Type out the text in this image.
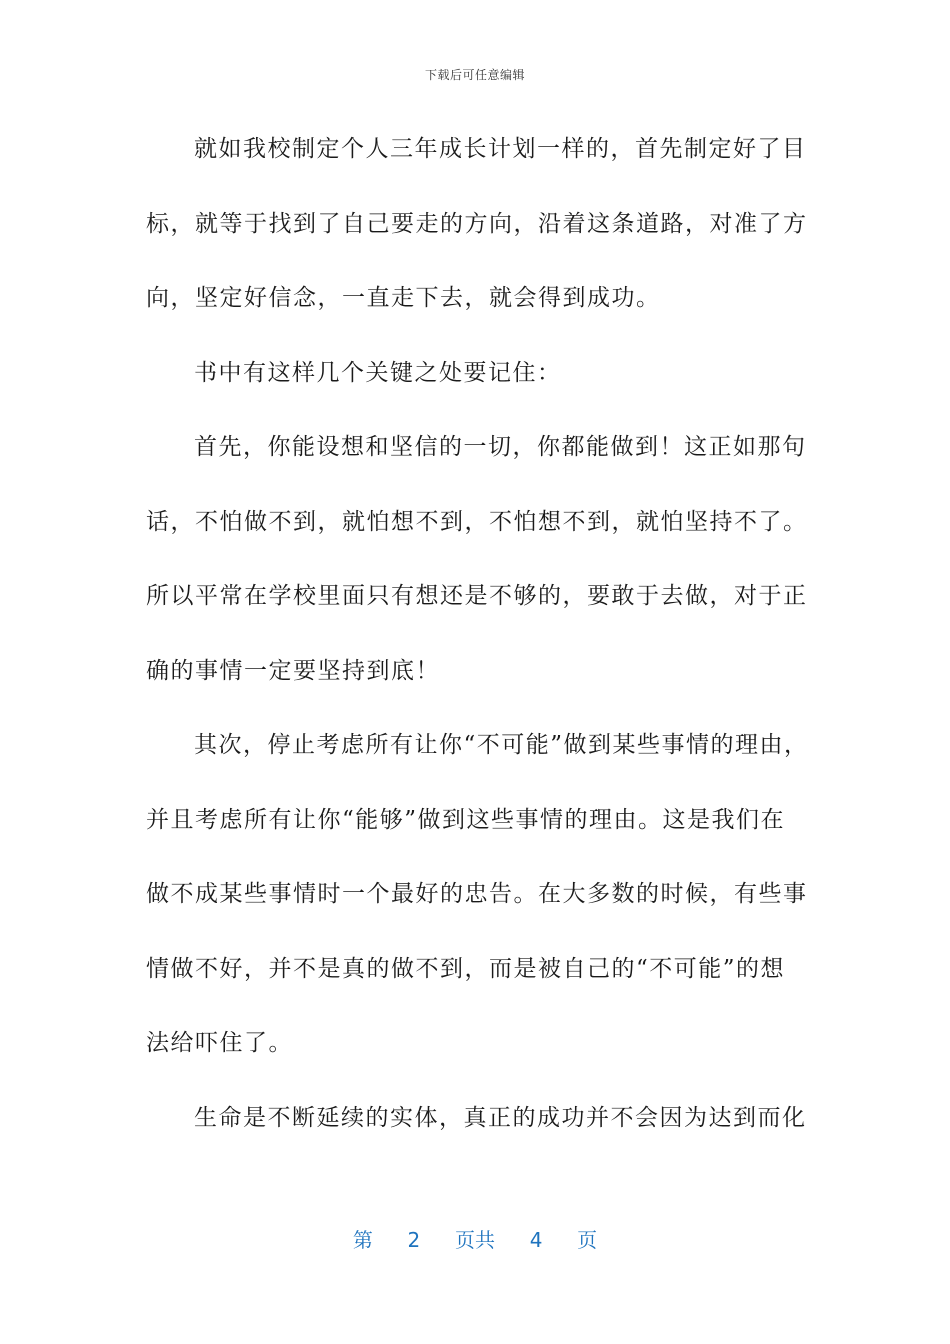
下载后可任意编辑
就如我校制定个人三年成长计划一样的，首先制定好了目
标，就等于找到了自己要走的方向，沿着这条道路，对准了方
向，坚定好信念，一直走下去，就会得到成功。
书中有这样几个关键之处要记住：
首先，你能设想和坚信的一切，你都能做到！这正如那句
话，不怕做不到，就怕想不到，不怕想不到，就怕坚持不了。
所以平常在学校里面只有想还是不够的，要敢于去做，对于正
确的事情一定要坚持到底！
其次，停止考虑所有让你“不可能”做到某些事情的理由，
并且考虑所有让你“能够”做到这些事情的理由。这是我们在
做不成某些事情时一个最好的忠告。在大多数的时候，有些事
情做不好，并不是真的做不到，而是被自己的“不可能”的想
法给吓住了。
生命是不断延续的实体，真正的成功并不会因为达到而化
第 2 页共 4 页
